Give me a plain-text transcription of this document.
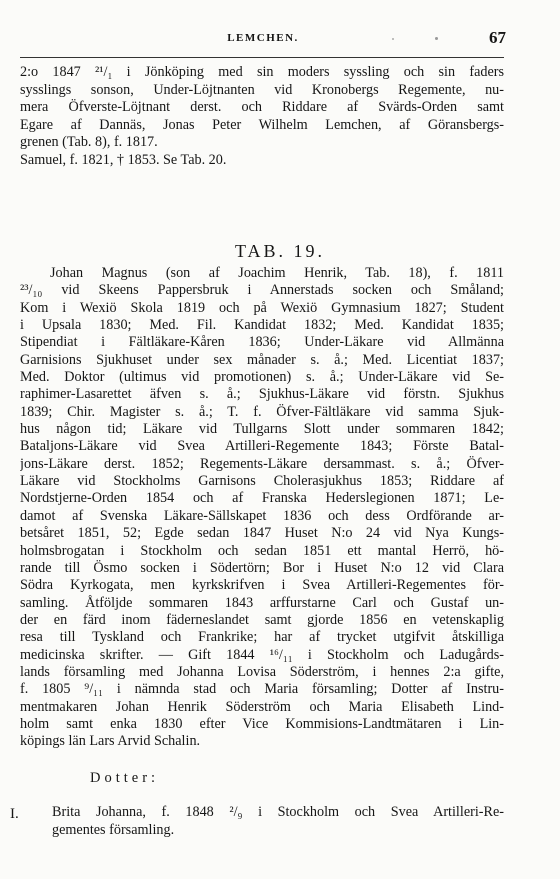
LEMCHEN.	67
2:o 1847 ²¹/₁ i Jönköping med sin moders syssling och sin faders
sysslings sonson, Under-Löjtnanten vid Kronobergs Regemente, nu-
mera Öfverste-Löjtnant derst. och Riddare af Svärds-Orden samt
Egare af Dannäs, Jonas Peter Wilhelm Lemchen, af Göransbergs-
grenen (Tab. 8), f. 1817.
Samuel, f. 1821, † 1853. Se Tab. 20.
TAB. 19.
Johan Magnus (son af Joachim Henrik, Tab. 18), f. 1811
²³/₁₀ vid Skeens Pappersbruk i Annerstads socken och Småland;
Kom i Wexiö Skola 1819 och på Wexiö Gymnasium 1827; Student
i Upsala 1830; Med. Fil. Kandidat 1832; Med. Kandidat 1835;
Stipendiat i Fältläkare-Kåren 1836; Under-Läkare vid Allmänna
Garnisions Sjukhuset under sex månader s. å.; Med. Licentiat 1837;
Med. Doktor (ultimus vid promotionen) s. å.; Under-Läkare vid Se-
raphimer-Lasarettet äfven s. å.; Sjukhus-Läkare vid förstn. Sjukhus
1839; Chir. Magister s. å.; T. f. Öfver-Fältläkare vid samma Sjuk-
hus någon tid; Läkare vid Tullgarns Slott under sommaren 1842;
Bataljons-Läkare vid Svea Artilleri-Regemente 1843; Förste Batal-
jons-Läkare derst. 1852; Regements-Läkare dersammast. s. å.; Öfver-
Läkare vid Stockholms Garnisons Cholerasjukhus 1853; Riddare af
Nordstjerne-Orden 1854 och af Franska Hederslegionen 1871; Le-
damot af Svenska Läkare-Sällskapet 1836 och dess Ordförande ar-
betsåret 1851, 52; Egde sedan 1847 Huset N:o 24 vid Nya Kungs-
holmsbrogatan i Stockholm och sedan 1851 ett mantal Herrö, hö-
rande till Ösmo socken i Södertörn; Bor i Huset N:o 12 vid Clara
Södra Kyrkogata, men kyrkskrifven i Svea Artilleri-Regementes för-
samling. Åtföljde sommaren 1843 arffurstarne Carl och Gustaf un-
der en färd inom fäderneslandet samt gjorde 1856 en vetenskaplig
resa till Tyskland och Frankrike; har af trycket utgifvit åtskilliga
medicinska skrifter. — Gift 1844 ¹⁶/₁₁ i Stockholm och Ladugårds-
lands församling med Johanna Lovisa Söderström, i hennes 2:a gifte,
f. 1805 ⁹/₁₁ i nämnda stad och Maria församling; Dotter af Instru-
mentmakaren Johan Henrik Söderström och Maria Elisabeth Lind-
holm samt enka 1830 efter Vice Kommisions-Landtmätaren i Lin-
köpings län Lars Arvid Schalin.
Dotter:
I. Brita Johanna, f. 1848 ²/₉ i Stockholm och Svea Artilleri-Re-
gementes församling.
